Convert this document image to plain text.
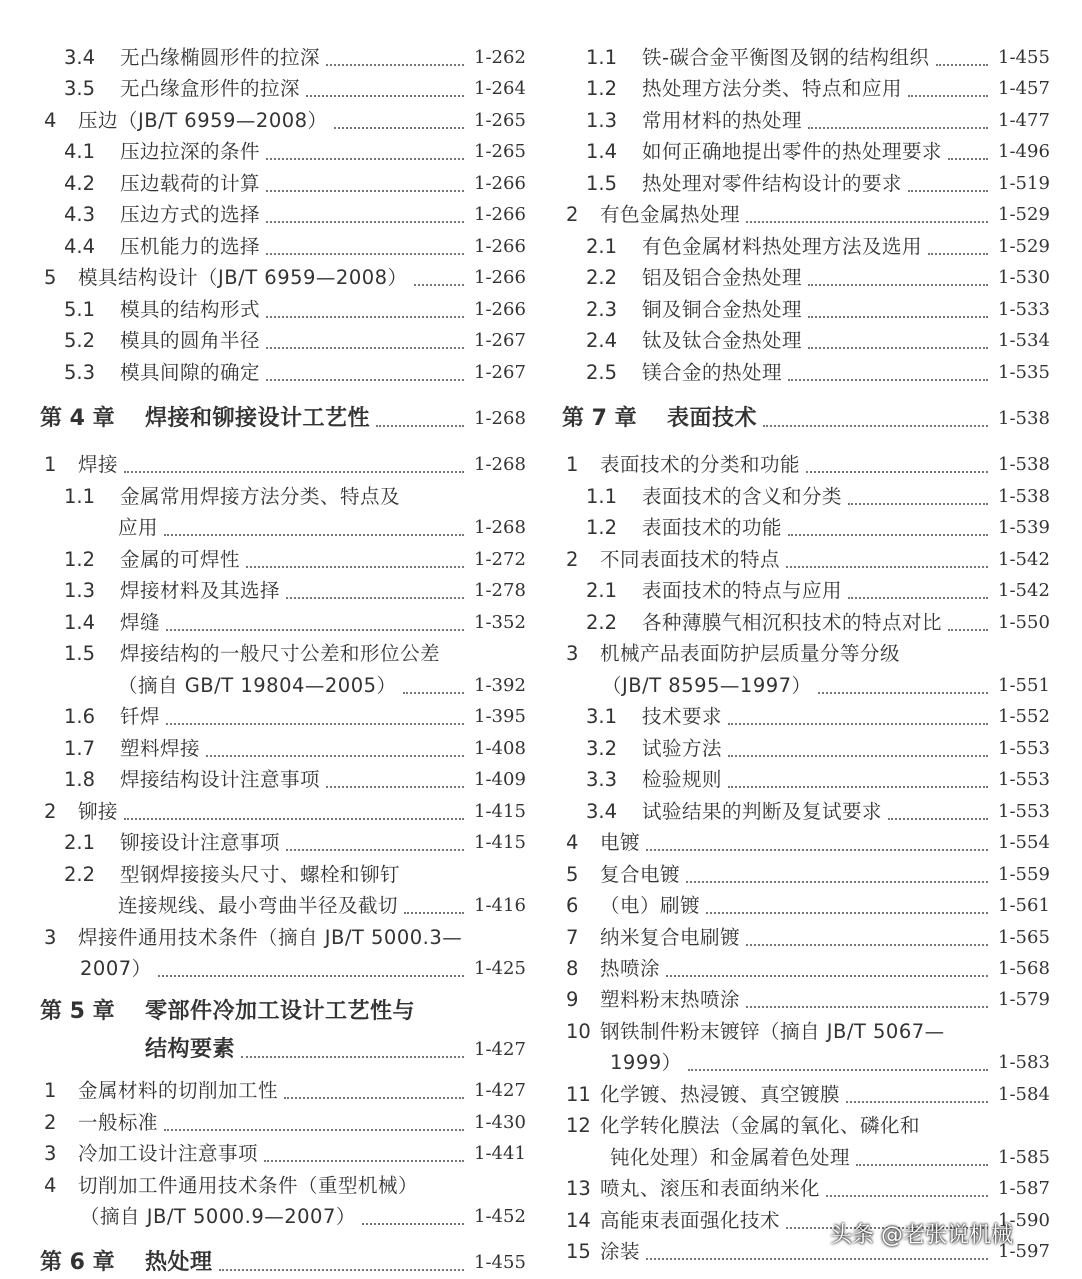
3.4 无凸缘椭圆形件的拉深	1-262
3.5 无凸缘盒形件的拉深	1-264
4 压边（JB/T 6959—2008）	1-265
4.1 压边拉深的条件	1-265
4.2 压边载荷的计算	1-266
4.3 压边方式的选择	1-266
4.4 压机能力的选择	1-266
5 模具结构设计（JB/T 6959—2008）	1-266
5.1 模具的结构形式	1-266
5.2 模具的圆角半径	1-267
5.3 模具间隙的确定	1-267
第 4 章 焊接和铆接设计工艺性	1-268
1 焊接	1-268
1.1 金属常用焊接方法分类、特点及
应用	1-268
1.2 金属的可焊性	1-272
1.3 焊接材料及其选择	1-278
1.4 焊缝	1-352
1.5 焊接结构的一般尺寸公差和形位公差
（摘自 GB/T 19804—2005）	1-392
1.6 钎焊	1-395
1.7 塑料焊接	1-408
1.8 焊接结构设计注意事项	1-409
2 铆接	1-415
2.1 铆接设计注意事项	1-415
2.2 型钢焊接接头尺寸、螺栓和铆钉
连接规线、最小弯曲半径及截切	1-416
3 焊接件通用技术条件（摘自 JB/T 5000.3—
2007）	1-425
第 5 章 零部件冷加工设计工艺性与
结构要素	1-427
1 金属材料的切削加工性	1-427
2 一般标准	1-430
3 冷加工设计注意事项	1-441
4 切削加工件通用技术条件（重型机械）
（摘自 JB/T 5000.9—2007）	1-452
第 6 章 热处理	1-455
1.1 铁-碳合金平衡图及钢的结构组织	1-455
1.2 热处理方法分类、特点和应用	1-457
1.3 常用材料的热处理	1-477
1.4 如何正确地提出零件的热处理要求	1-496
1.5 热处理对零件结构设计的要求	1-519
2 有色金属热处理	1-529
2.1 有色金属材料热处理方法及选用	1-529
2.2 铝及铝合金热处理	1-530
2.3 铜及铜合金热处理	1-533
2.4 钛及钛合金热处理	1-534
2.5 镁合金的热处理	1-535
第 7 章 表面技术	1-538
1 表面技术的分类和功能	1-538
1.1 表面技术的含义和分类	1-538
1.2 表面技术的功能	1-539
2 不同表面技术的特点	1-542
2.1 表面技术的特点与应用	1-542
2.2 各种薄膜气相沉积技术的特点对比	1-550
3 机械产品表面防护层质量分等分级
（JB/T 8595—1997）	1-551
3.1 技术要求	1-552
3.2 试验方法	1-553
3.3 检验规则	1-553
3.4 试验结果的判断及复试要求	1-553
4 电镀	1-554
5 复合电镀	1-559
6 （电）刷镀	1-561
7 纳米复合电刷镀	1-565
8 热喷涂	1-568
9 塑料粉末热喷涂	1-579
10 钢铁制件粉末镀锌（摘自 JB/T 5067—
1999）	1-583
11 化学镀、热浸镀、真空镀膜	1-584
12 化学转化膜法（金属的氧化、磷化和
钝化处理）和金属着色处理	1-585
13 喷丸、滚压和表面纳米化	1-587
14 高能束表面强化技术	1-590
15 涂装	1-597
头条 @老张说机械
